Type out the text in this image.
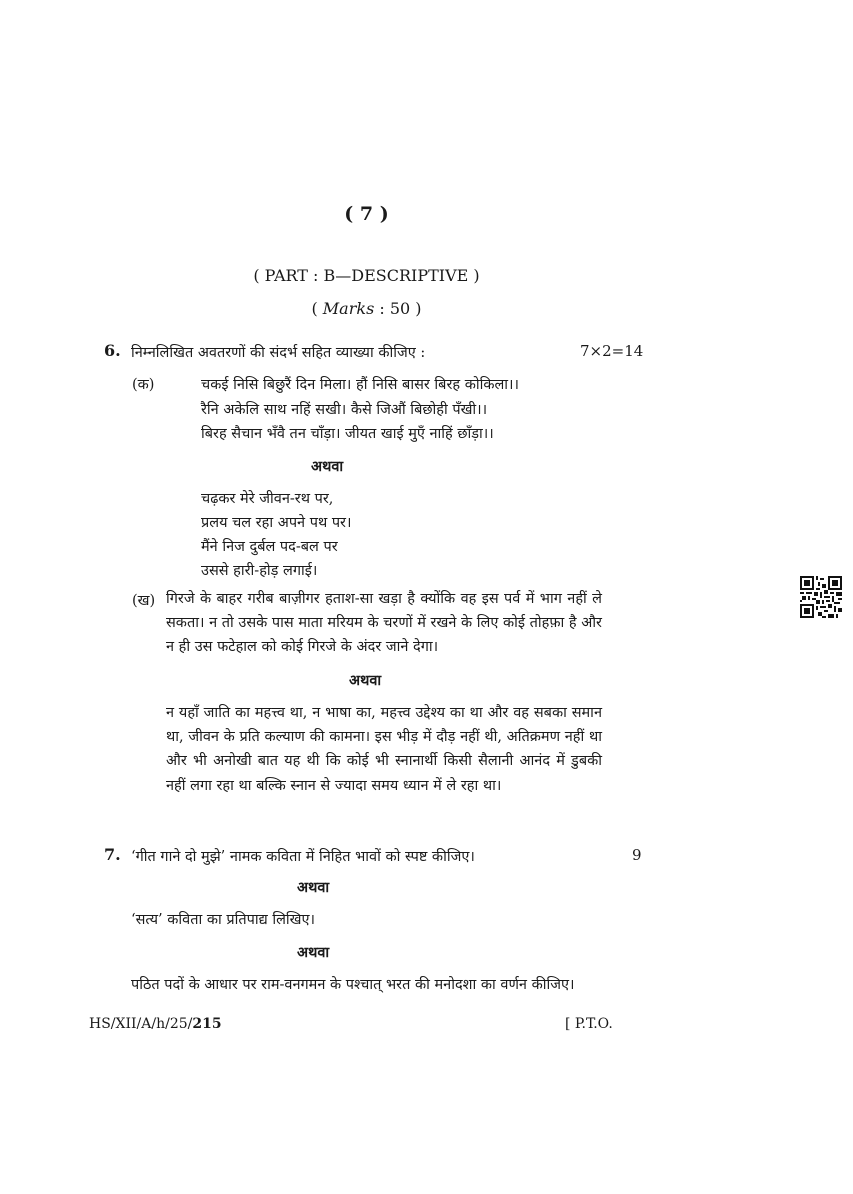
( 7 )
( PART : B—DESCRIPTIVE )
( Marks : 50 )
6. निम्नलिखित अवतरणों की संदर्भ सहित व्याख्या कीजिए :	7×2=14
(क)	चकई निसि बिछुरैं दिन मिला। हौं निसि बासर बिरह कोकिला।।
रैनि अकेलि साथ नहिं सखी। कैसे जिऔं बिछोही पँखी।।
बिरह सैचान भँवै तन चाँड़ा। जीयत खाई मुएँ नाहिं छाँड़ा।।
अथवा
चढ़कर मेरे जीवन-रथ पर,
प्रलय चल रहा अपने पथ पर।
मैंने निज दुर्बल पद-बल पर
उससे हारी-होड़ लगाई।
(ख) गिरजे के बाहर गरीब बाज़ीगर हताश-सा खड़ा है क्योंकि वह इस पर्व में भाग नहीं ले सकता। न तो उसके पास माता मरियम के चरणों में रखने के लिए कोई तोहफ़ा है और न ही उस फटेहाल को कोई गिरजे के अंदर जाने देगा।
अथवा
न यहाँ जाति का महत्त्व था, न भाषा का, महत्त्व उद्देश्य का था और वह सबका समान था, जीवन के प्रति कल्याण की कामना। इस भीड़ में दौड़ नहीं थी, अतिक्रमण नहीं था और भी अनोखी बात यह थी कि कोई भी स्नानार्थी किसी सैलानी आनंद में डुबकी नहीं लगा रहा था बल्कि स्नान से ज्यादा समय ध्यान में ले रहा था।
7. ‘गीत गाने दो मुझे’ नामक कविता में निहित भावों को स्पष्ट कीजिए।	9
अथवा
‘सत्य’ कविता का प्रतिपाद्य लिखिए।
अथवा
पठित पदों के आधार पर राम-वनगमन के पश्चात् भरत की मनोदशा का वर्णन कीजिए।
HS/XII/A/h/25/215	[ P.T.O.
